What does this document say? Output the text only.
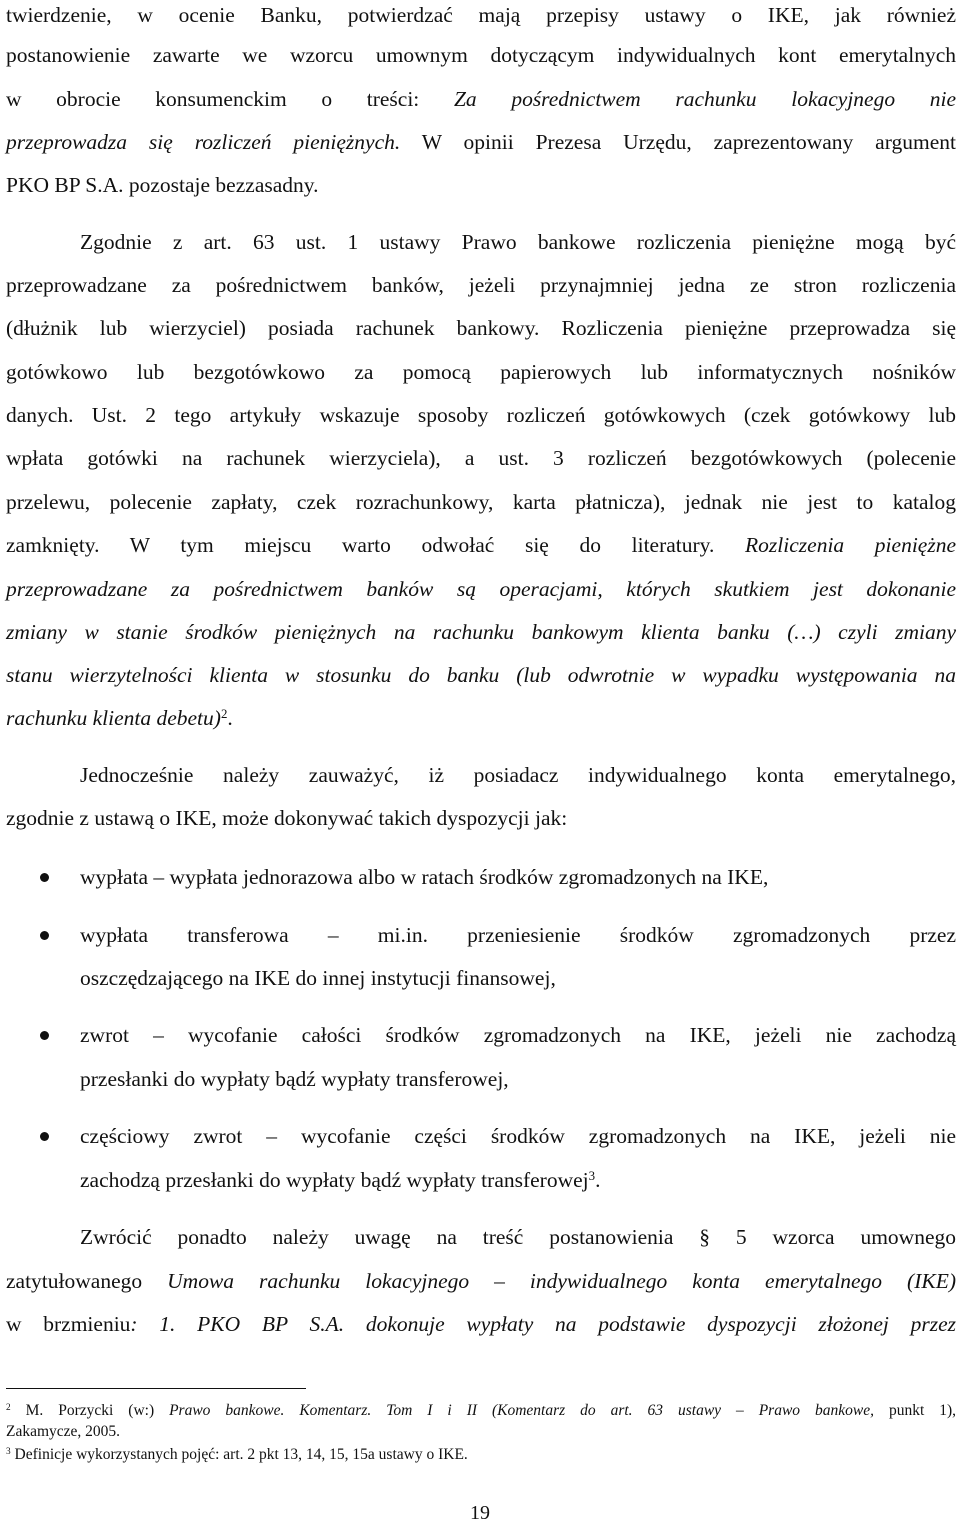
twierdzenie, w ocenie Banku, potwierdzać mają przepisy ustawy o IKE, jak również
postanowienie zawarte we wzorcu umownym dotyczącym indywidualnych kont emerytalnych
w obrocie konsumenckim o treści: Za pośrednictwem rachunku lokacyjnego nie
przeprowadza się rozliczeń pieniężnych. W opinii Prezesa Urzędu, zaprezentowany argument
PKO BP S.A. pozostaje bezzasadny.
Zgodnie z art. 63 ust. 1 ustawy Prawo bankowe rozliczenia pieniężne mogą być
przeprowadzane za pośrednictwem banków, jeżeli przynajmniej jedna ze stron rozliczenia
(dłużnik lub wierzyciel) posiada rachunek bankowy. Rozliczenia pieniężne przeprowadza się
gotówkowo lub bezgotówkowo za pomocą papierowych lub informatycznych nośników
danych. Ust. 2 tego artykuły wskazuje sposoby rozliczeń gotówkowych (czek gotówkowy lub
wpłata gotówki na rachunek wierzyciela), a ust. 3 rozliczeń bezgotówkowych (polecenie
przelewu, polecenie zapłaty, czek rozrachunkowy, karta płatnicza), jednak nie jest to katalog
zamknięty. W tym miejscu warto odwołać się do literatury. Rozliczenia pieniężne
przeprowadzane za pośrednictwem banków są operacjami, których skutkiem jest dokonanie
zmiany w stanie środków pieniężnych na rachunku bankowym klienta banku (…) czyli zmiany
stanu wierzytelności klienta w stosunku do banku (lub odwrotnie w wypadku występowania na
rachunku klienta debetu)$^2$.
Jednocześnie należy zauważyć, iż posiadacz indywidualnego konta emerytalnego,
zgodnie z ustawą o IKE, może dokonywać takich dyspozycji jak:
wypłata – wypłata jednorazowa albo w ratach środków zgromadzonych na IKE,
wypłata transferowa – mi.in. przeniesienie środków zgromadzonych przez
oszczędzającego na IKE do innej instytucji finansowej,
zwrot – wycofanie całości środków zgromadzonych na IKE, jeżeli nie zachodzą
przesłanki do wypłaty bądź wypłaty transferowej,
częściowy zwrot – wycofanie części środków zgromadzonych na IKE, jeżeli nie
zachodzą przesłanki do wypłaty bądź wypłaty transferowej$^3$.
Zwrócić ponadto należy uwagę na treść postanowienia § 5 wzorca umownego
zatytułowanego Umowa rachunku lokacyjnego – indywidualnego konta emerytalnego (IKE)
w brzmieniu: 1. PKO BP S.A. dokonuje wypłaty na podstawie dyspozycji złożonej przez
$^2$ M. Porzycki (w:) Prawo bankowe. Komentarz. Tom I i II (Komentarz do art. 63 ustawy – Prawo bankowe, punkt 1),
Zakamycze, 2005.
$^3$ Definicje wykorzystanych pojęć: art. 2 pkt 13, 14, 15, 15a ustawy o IKE.
19
